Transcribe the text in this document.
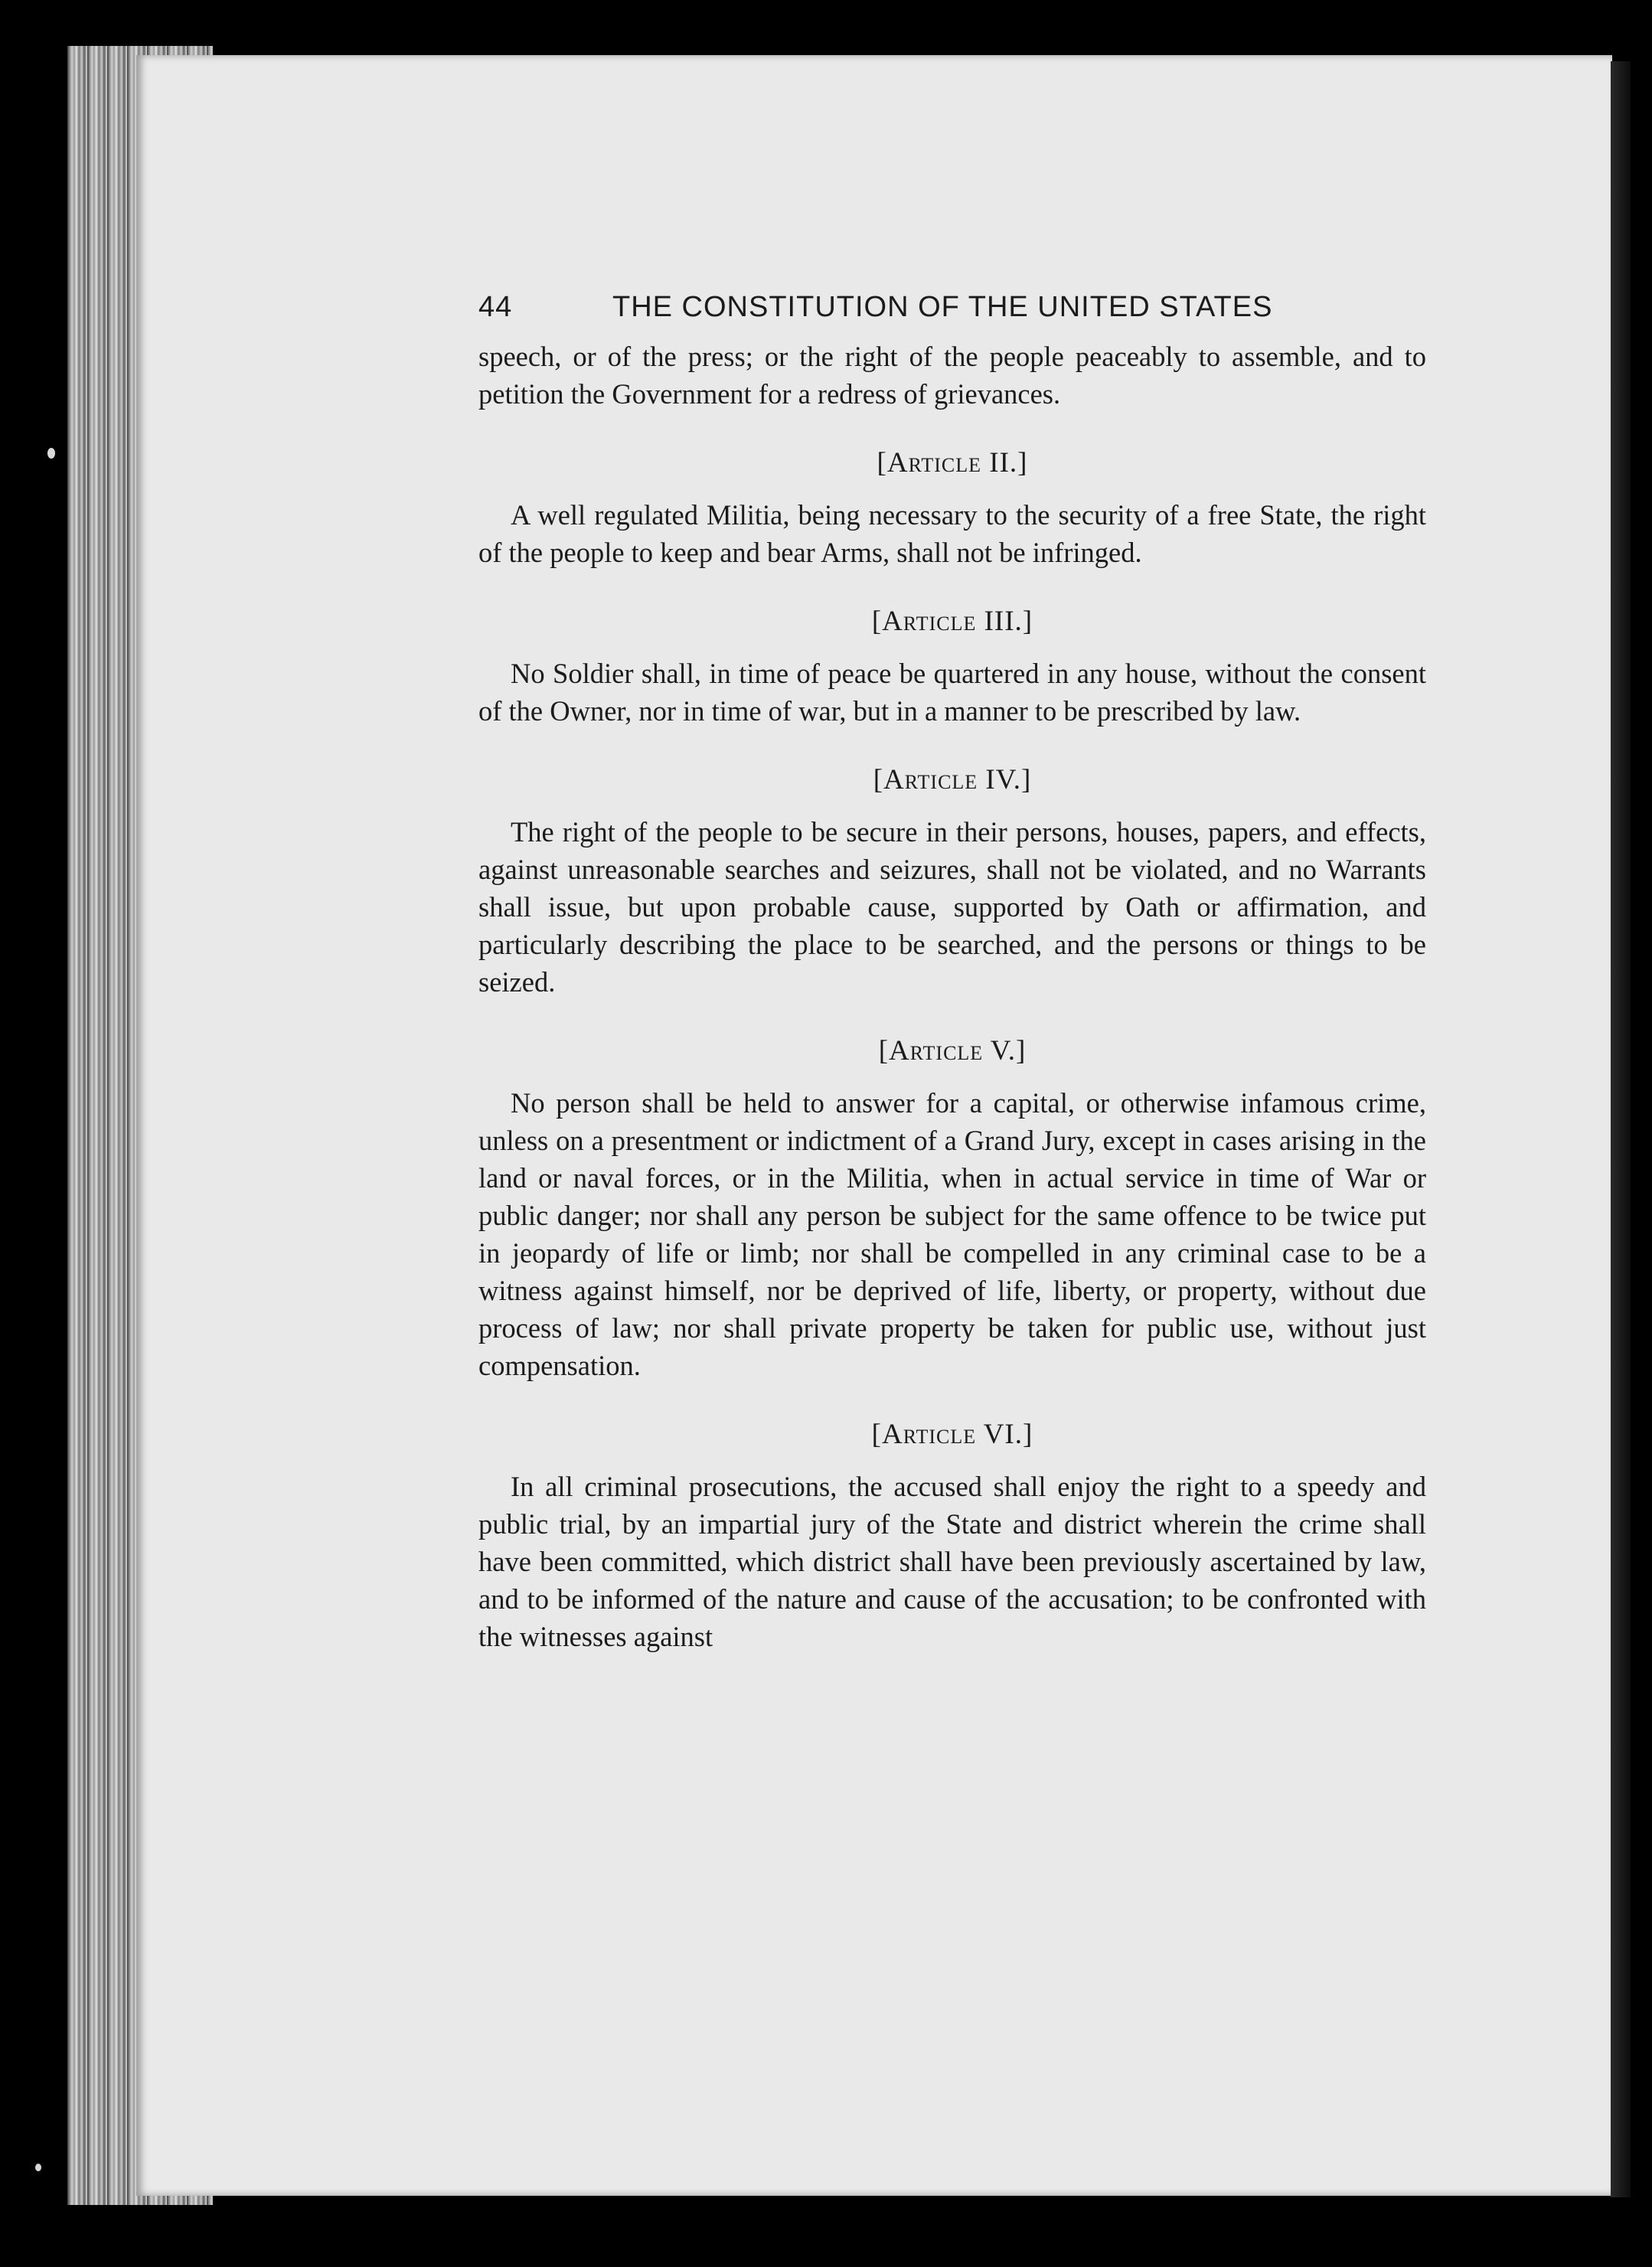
44	THE CONSTITUTION OF THE UNITED STATES

speech, or of the press; or the right of the people peaceably to assemble, and to petition the Government for a redress of grievances.

[Article II.]

A well regulated Militia, being necessary to the security of a free State, the right of the people to keep and bear Arms, shall not be infringed.

[Article III.]

No Soldier shall, in time of peace be quartered in any house, without the consent of the Owner, nor in time of war, but in a manner to be prescribed by law.

[Article IV.]

The right of the people to be secure in their persons, houses, papers, and effects, against unreasonable searches and seizures, shall not be violated, and no Warrants shall issue, but upon probable cause, supported by Oath or affirmation, and particularly describing the place to be searched, and the persons or things to be seized.

[Article V.]

No person shall be held to answer for a capital, or otherwise infamous crime, unless on a presentment or indictment of a Grand Jury, except in cases arising in the land or naval forces, or in the Militia, when in actual service in time of War or public danger; nor shall any person be subject for the same offence to be twice put in jeopardy of life or limb; nor shall be compelled in any criminal case to be a witness against himself, nor be deprived of life, liberty, or property, without due process of law; nor shall private property be taken for public use, without just compensation.

[Article VI.]

In all criminal prosecutions, the accused shall enjoy the right to a speedy and public trial, by an impartial jury of the State and district wherein the crime shall have been committed, which district shall have been previously ascertained by law, and to be informed of the nature and cause of the accusation; to be confronted with the witnesses against
